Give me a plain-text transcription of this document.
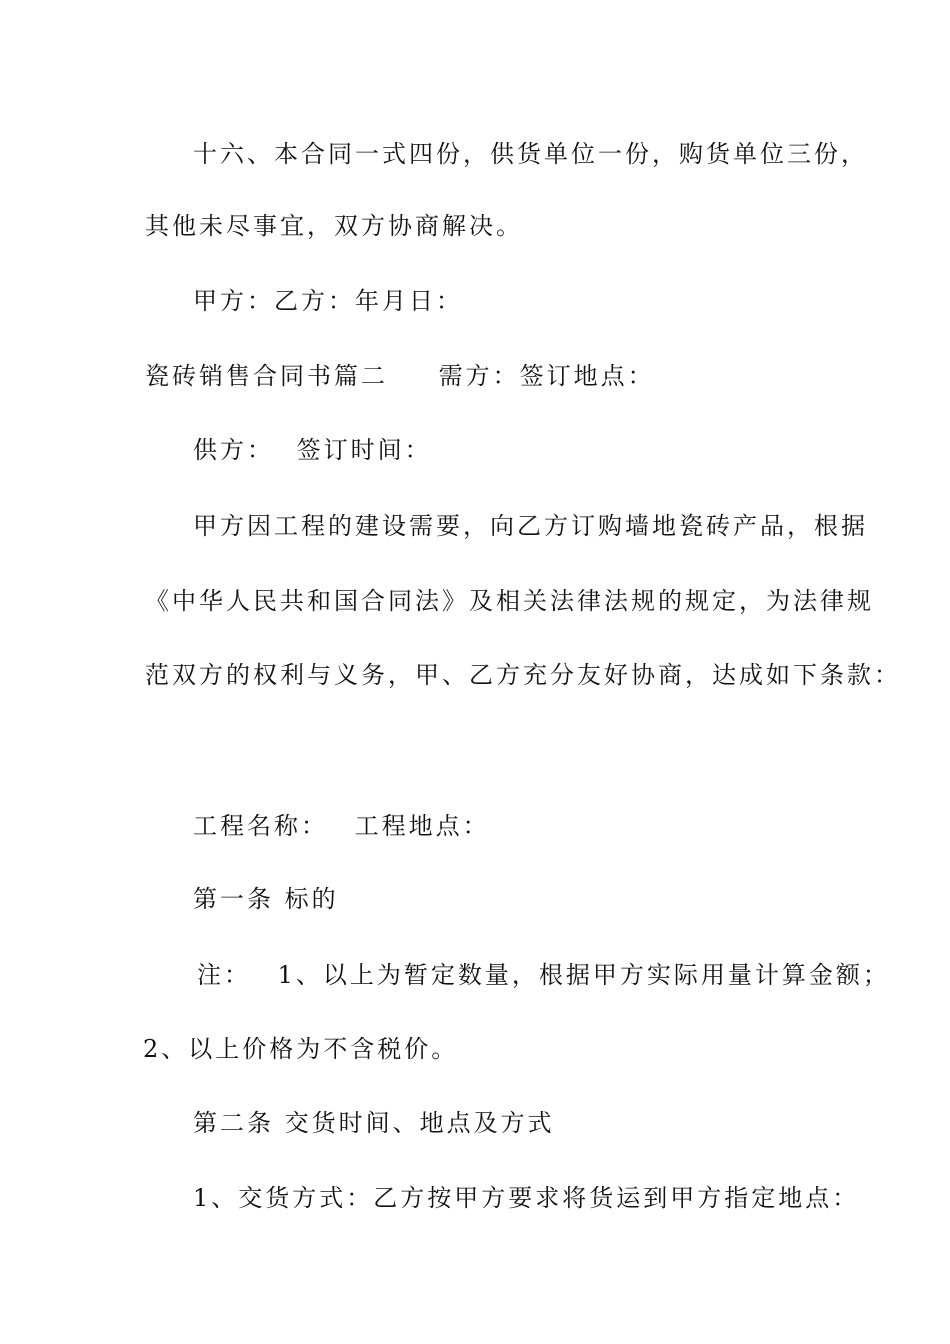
十六、本合同一式四份，供货单位一份，购货单位三份，
其他未尽事宜，双方协商解决。
甲方：乙方：年月日：
瓷砖销售合同书篇二 需方：签订地点：
供方： 签订时间：
甲方因工程的建设需要，向乙方订购墙地瓷砖产品，根据
《中华人民共和国合同法》及相关法律法规的规定，为法律规
范双方的权利与义务，甲、乙方充分友好协商，达成如下条款：
工程名称： 工程地点：
第一条 标的
注： 1、以上为暂定数量，根据甲方实际用量计算金额；
2、以上价格为不含税价。
第二条 交货时间、地点及方式
1、交货方式：乙方按甲方要求将货运到甲方指定地点：
